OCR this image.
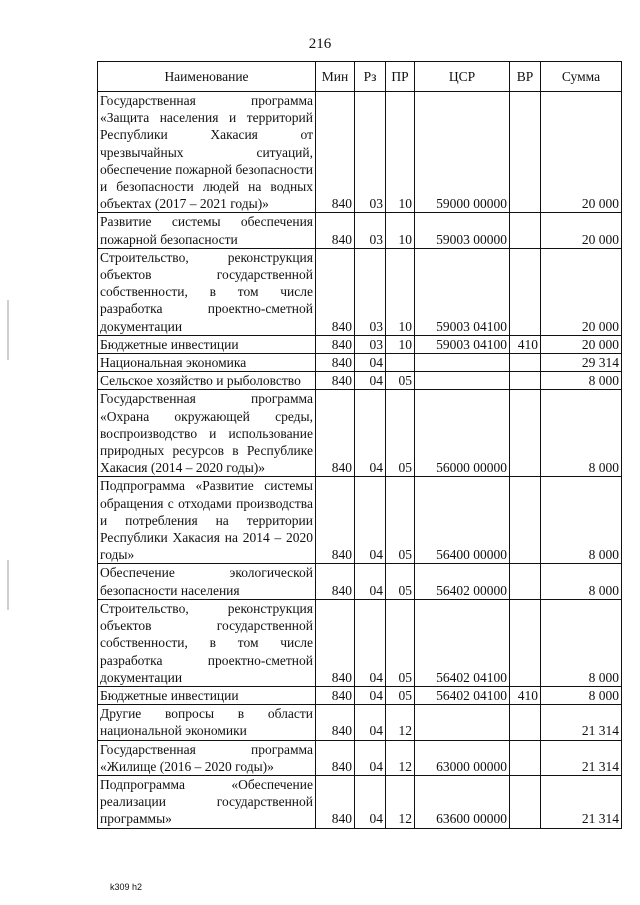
216
Наименование	Мин	Рз	ПР	ЦСР	ВР	Сумма
Государственная программа «Защита населения и территорий Республики Хакасия от чрезвычайных ситуаций, обеспечение пожарной безопасности и безопасности людей на водных объектах (2017 – 2021 годы)»	840	03	10	59000 00000		20 000
Развитие системы обеспечения пожарной безопасности	840	03	10	59003 00000		20 000
Строительство, реконструкция объектов государственной собственности, в том числе разработка проектно-сметной документации	840	03	10	59003 04100		20 000
Бюджетные инвестиции	840	03	10	59003 04100	410	20 000
Национальная экономика	840	04				29 314
Сельское хозяйство и рыболовство	840	04	05			8 000
Государственная программа «Охрана окружающей среды, воспроизводство и использование природных ресурсов в Республике Хакасия (2014 – 2020 годы)»	840	04	05	56000 00000		8 000
Подпрограмма «Развитие системы обращения с отходами производства и потребления на территории Республики Хакасия на 2014 – 2020 годы»	840	04	05	56400 00000		8 000
Обеспечение экологической безопасности населения	840	04	05	56402 00000		8 000
Строительство, реконструкция объектов государственной собственности, в том числе разработка проектно-сметной документации	840	04	05	56402 04100		8 000
Бюджетные инвестиции	840	04	05	56402 04100	410	8 000
Другие вопросы в области национальной экономики	840	04	12			21 314
Государственная программа «Жилище (2016 – 2020 годы)»	840	04	12	63000 00000		21 314
Подпрограмма «Обеспечение реализации государственной программы»	840	04	12	63600 00000		21 314
k309 h2
